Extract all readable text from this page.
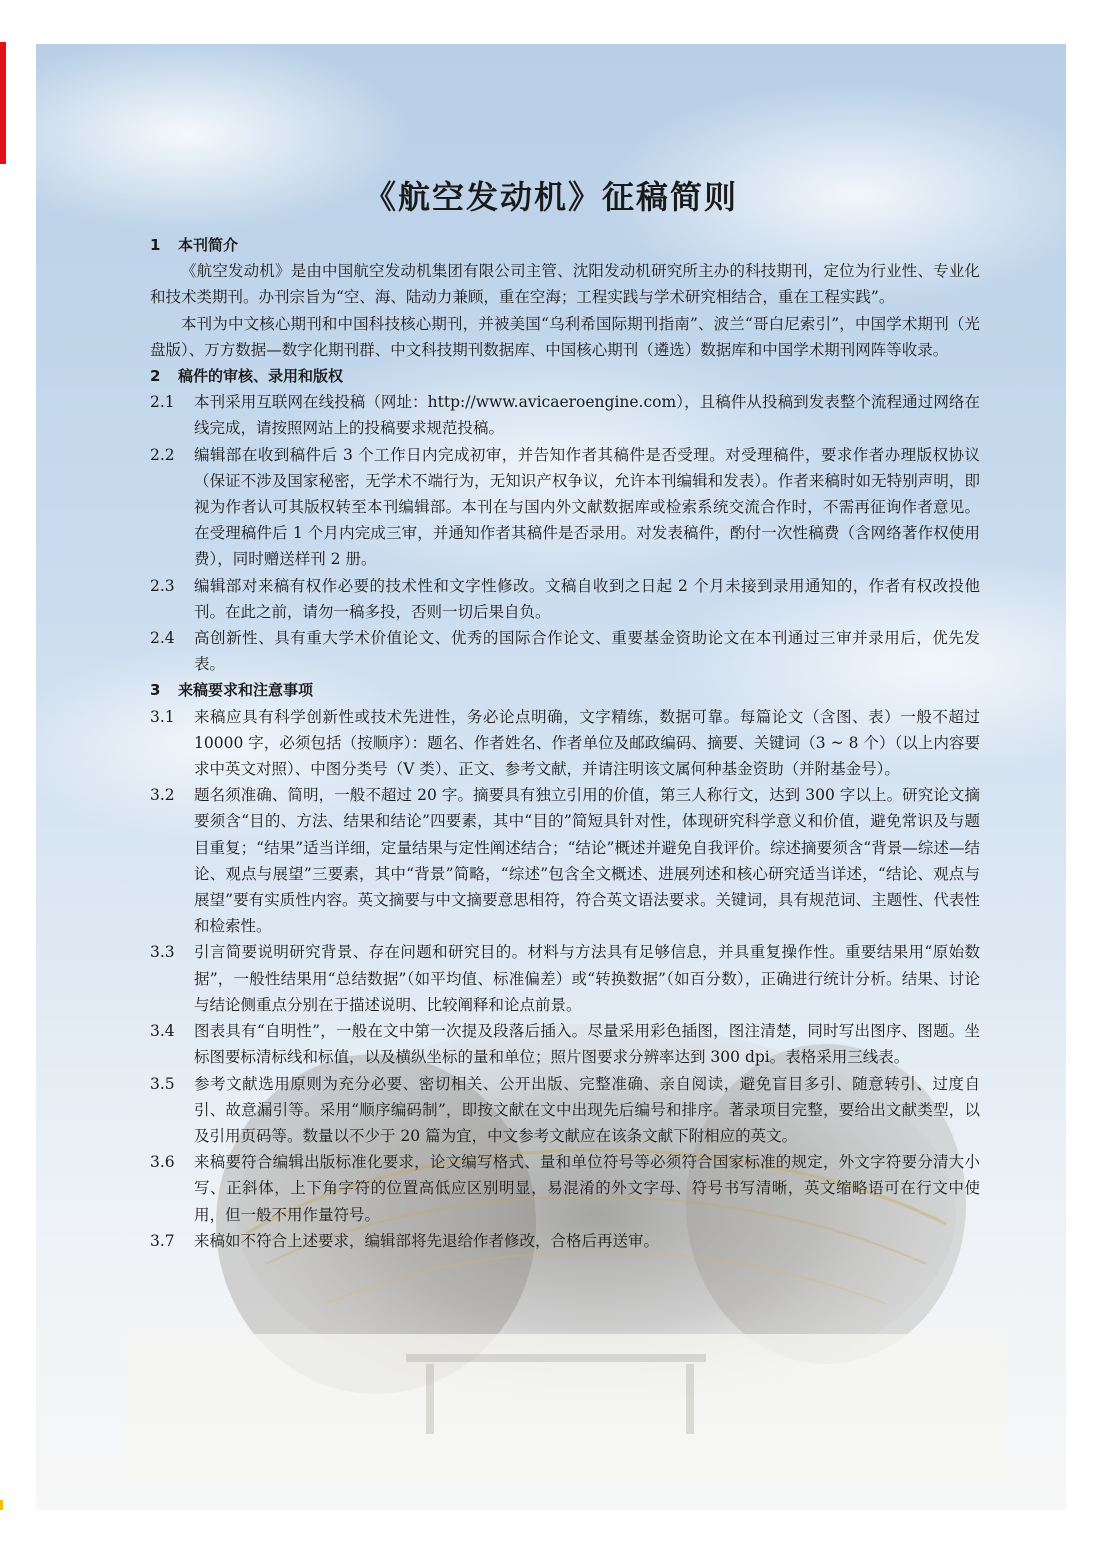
《航空发动机》征稿简则

1 本刊简介

《航空发动机》是由中国航空发动机集团有限公司主管、沈阳发动机研究所主办的科技期刊，定位为行业性、专业化和技术类期刊。办刊宗旨为“空、海、陆动力兼顾，重在空海；工程实践与学术研究相结合，重在工程实践”。

本刊为中文核心期刊和中国科技核心期刊，并被美国“乌利希国际期刊指南”、波兰“哥白尼索引”，中国学术期刊（光盘版）、万方数据—数字化期刊群、中文科技期刊数据库、中国核心期刊（遴选）数据库和中国学术期刊网阵等收录。

2 稿件的审核、录用和版权

2.1	本刊采用互联网在线投稿（网址：http://www.avicaeroengine.com），且稿件从投稿到发表整个流程通过网络在线完成，请按照网站上的投稿要求规范投稿。
2.2	编辑部在收到稿件后 3 个工作日内完成初审，并告知作者其稿件是否受理。对受理稿件，要求作者办理版权协议（保证不涉及国家秘密，无学术不端行为，无知识产权争议，允许本刊编辑和发表）。作者来稿时如无特别声明，即视为作者认可其版权转至本刊编辑部。本刊在与国内外文献数据库或检索系统交流合作时，不需再征询作者意见。在受理稿件后 1 个月内完成三审，并通知作者其稿件是否录用。对发表稿件，酌付一次性稿费（含网络著作权使用费），同时赠送样刊 2 册。
2.3	编辑部对来稿有权作必要的技术性和文字性修改。文稿自收到之日起 2 个月未接到录用通知的，作者有权改投他刊。在此之前，请勿一稿多投，否则一切后果自负。
2.4	高创新性、具有重大学术价值论文、优秀的国际合作论文、重要基金资助论文在本刊通过三审并录用后，优先发表。

3 来稿要求和注意事项

3.1	来稿应具有科学创新性或技术先进性，务必论点明确，文字精练，数据可靠。每篇论文（含图、表）一般不超过 10000 字，必须包括（按顺序）：题名、作者姓名、作者单位及邮政编码、摘要、关键词（3 ~ 8 个）（以上内容要求中英文对照）、中图分类号（V 类）、正文、参考文献，并请注明该文属何种基金资助（并附基金号）。
3.2	题名须准确、简明，一般不超过 20 字。摘要具有独立引用的价值，第三人称行文，达到 300 字以上。研究论文摘要须含“目的、方法、结果和结论”四要素，其中“目的”简短具针对性，体现研究科学意义和价值，避免常识及与题目重复；“结果”适当详细，定量结果与定性阐述结合；“结论”概述并避免自我评价。综述摘要须含“背景—综述—结论、观点与展望”三要素，其中“背景”简略，“综述”包含全文概述、进展列述和核心研究适当详述，“结论、观点与展望”要有实质性内容。英文摘要与中文摘要意思相符，符合英文语法要求。关键词，具有规范词、主题性、代表性和检索性。
3.3	引言简要说明研究背景、存在问题和研究目的。材料与方法具有足够信息，并具重复操作性。重要结果用“原始数据”，一般性结果用“总结数据”（如平均值、标准偏差）或“转换数据”（如百分数），正确进行统计分析。结果、讨论与结论侧重点分别在于描述说明、比较阐释和论点前景。
3.4	图表具有“自明性”，一般在文中第一次提及段落后插入。尽量采用彩色插图，图注清楚，同时写出图序、图题。坐标图要标清标线和标值，以及横纵坐标的量和单位；照片图要求分辨率达到 300 dpi。表格采用三线表。
3.5	参考文献选用原则为充分必要、密切相关、公开出版、完整准确、亲自阅读，避免盲目多引、随意转引、过度自引、故意漏引等。采用“顺序编码制”，即按文献在文中出现先后编号和排序。著录项目完整，要给出文献类型，以及引用页码等。数量以不少于 20 篇为宜，中文参考文献应在该条文献下附相应的英文。
3.6	来稿要符合编辑出版标准化要求，论文编写格式、量和单位符号等必须符合国家标准的规定，外文字符要分清大小写、正斜体，上下角字符的位置高低应区别明显，易混淆的外文字母、符号书写清晰，英文缩略语可在行文中使用，但一般不用作量符号。
3.7	来稿如不符合上述要求，编辑部将先退给作者修改，合格后再送审。
